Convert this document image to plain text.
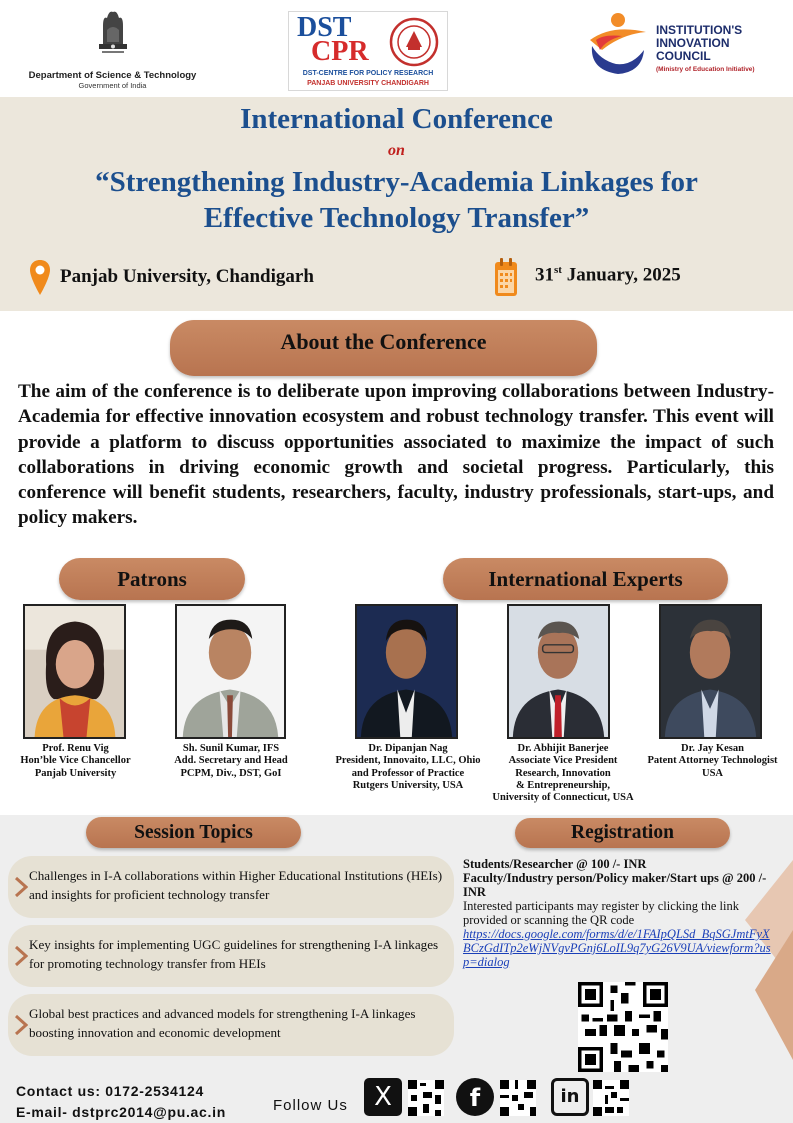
Department of Science & Technology
Government of India
DST
CPR
DST-CENTRE FOR POLICY RESEARCH
PANJAB UNIVERSITY CHANDIGARH
INSTITUTION'S INNOVATION COUNCIL
(Ministry of Education Initiative)
International Conference
on
“Strengthening Industry-Academia Linkages for
Effective Technology Transfer”
Panjab University, Chandigarh	31st January, 2025
About the Conference
The aim of the conference is to deliberate upon improving collaborations between Industry-Academia for effective innovation ecosystem and robust technology transfer. This event will provide a platform to discuss opportunities associated to maximize the impact of such collaborations in driving economic growth and societal progress. Particularly, this conference will benefit students, researchers, faculty, industry professionals, start-ups, and policy makers.
Patrons	International Experts
Prof. Renu Vig
Hon’ble Vice Chancellor
Panjab University
Sh. Sunil Kumar, IFS
Add. Secretary and Head
PCPM, Div., DST, GoI
Dr. Dipanjan Nag
President, Innovaito, LLC, Ohio
and Professor of Practice
Rutgers University, USA
Dr. Abhijit Banerjee
Associate Vice President
Research, Innovation
& Entrepreneurship,
University of Connecticut, USA
Dr. Jay Kesan
Patent Attorney Technologist
USA
Session Topics	Registration
Challenges in I-A collaborations within Higher Educational Institutions (HEIs) and insights for proficient technology transfer
Key insights for implementing UGC guidelines for strengthening I-A linkages for promoting technology transfer from HEIs
Global best practices and advanced models for strengthening I-A linkages boosting innovation and economic development
Students/Researcher @ 100 /- INR
Faculty/Industry person/Policy maker/Start ups @ 200 /- INR
Interested participants may register by clicking the link provided or scanning the QR code
https://docs.google.com/forms/d/e/1FAIpQLSd_BqSGJmtFyXBCzGdITp2eWjNVgvPGnj6LoIL9q7yG26V9UA/viewform?usp=dialog
Contact us: 0172-2534124
E-mail- dstprc2014@pu.ac.in	Follow Us	X	f	in
